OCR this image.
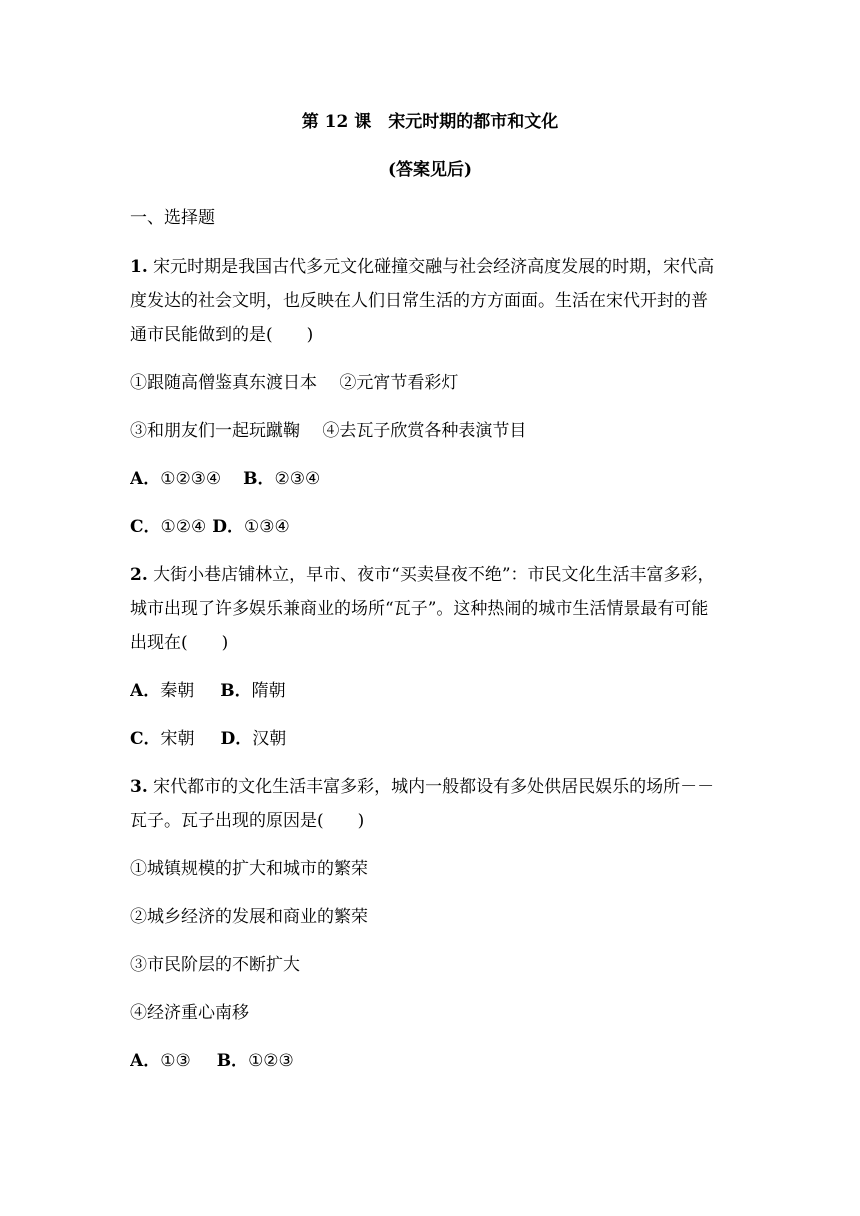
第 12 课　宋元时期的都市和文化
(答案见后)
一、选择题
1. 宋元时期是我国古代多元文化碰撞交融与社会经济高度发展的时期，宋代高
度发达的社会文明，也反映在人们日常生活的方方面面。生活在宋代开封的普
通市民能做到的是(　　)
①跟随高僧鉴真东渡日本　 ②元宵节看彩灯
③和朋友们一起玩蹴鞠　 ④去瓦子欣赏各种表演节目
A．①②③④ B．②③④
C．①②④ D．①③④
2. 大街小巷店铺林立，早市、夜市“买卖昼夜不绝”：市民文化生活丰富多彩，
城市出现了许多娱乐兼商业的场所“瓦子”。这种热闹的城市生活情景最有可能
出现在(　　)
A．秦朝 B．隋朝
C．宋朝 D．汉朝
3. 宋代都市的文化生活丰富多彩，城内一般都设有多处供居民娱乐的场所－－
瓦子。瓦子出现的原因是(　　)
①城镇规模的扩大和城市的繁荣
②城乡经济的发展和商业的繁荣
③市民阶层的不断扩大
④经济重心南移
A．①③ B．①②③
